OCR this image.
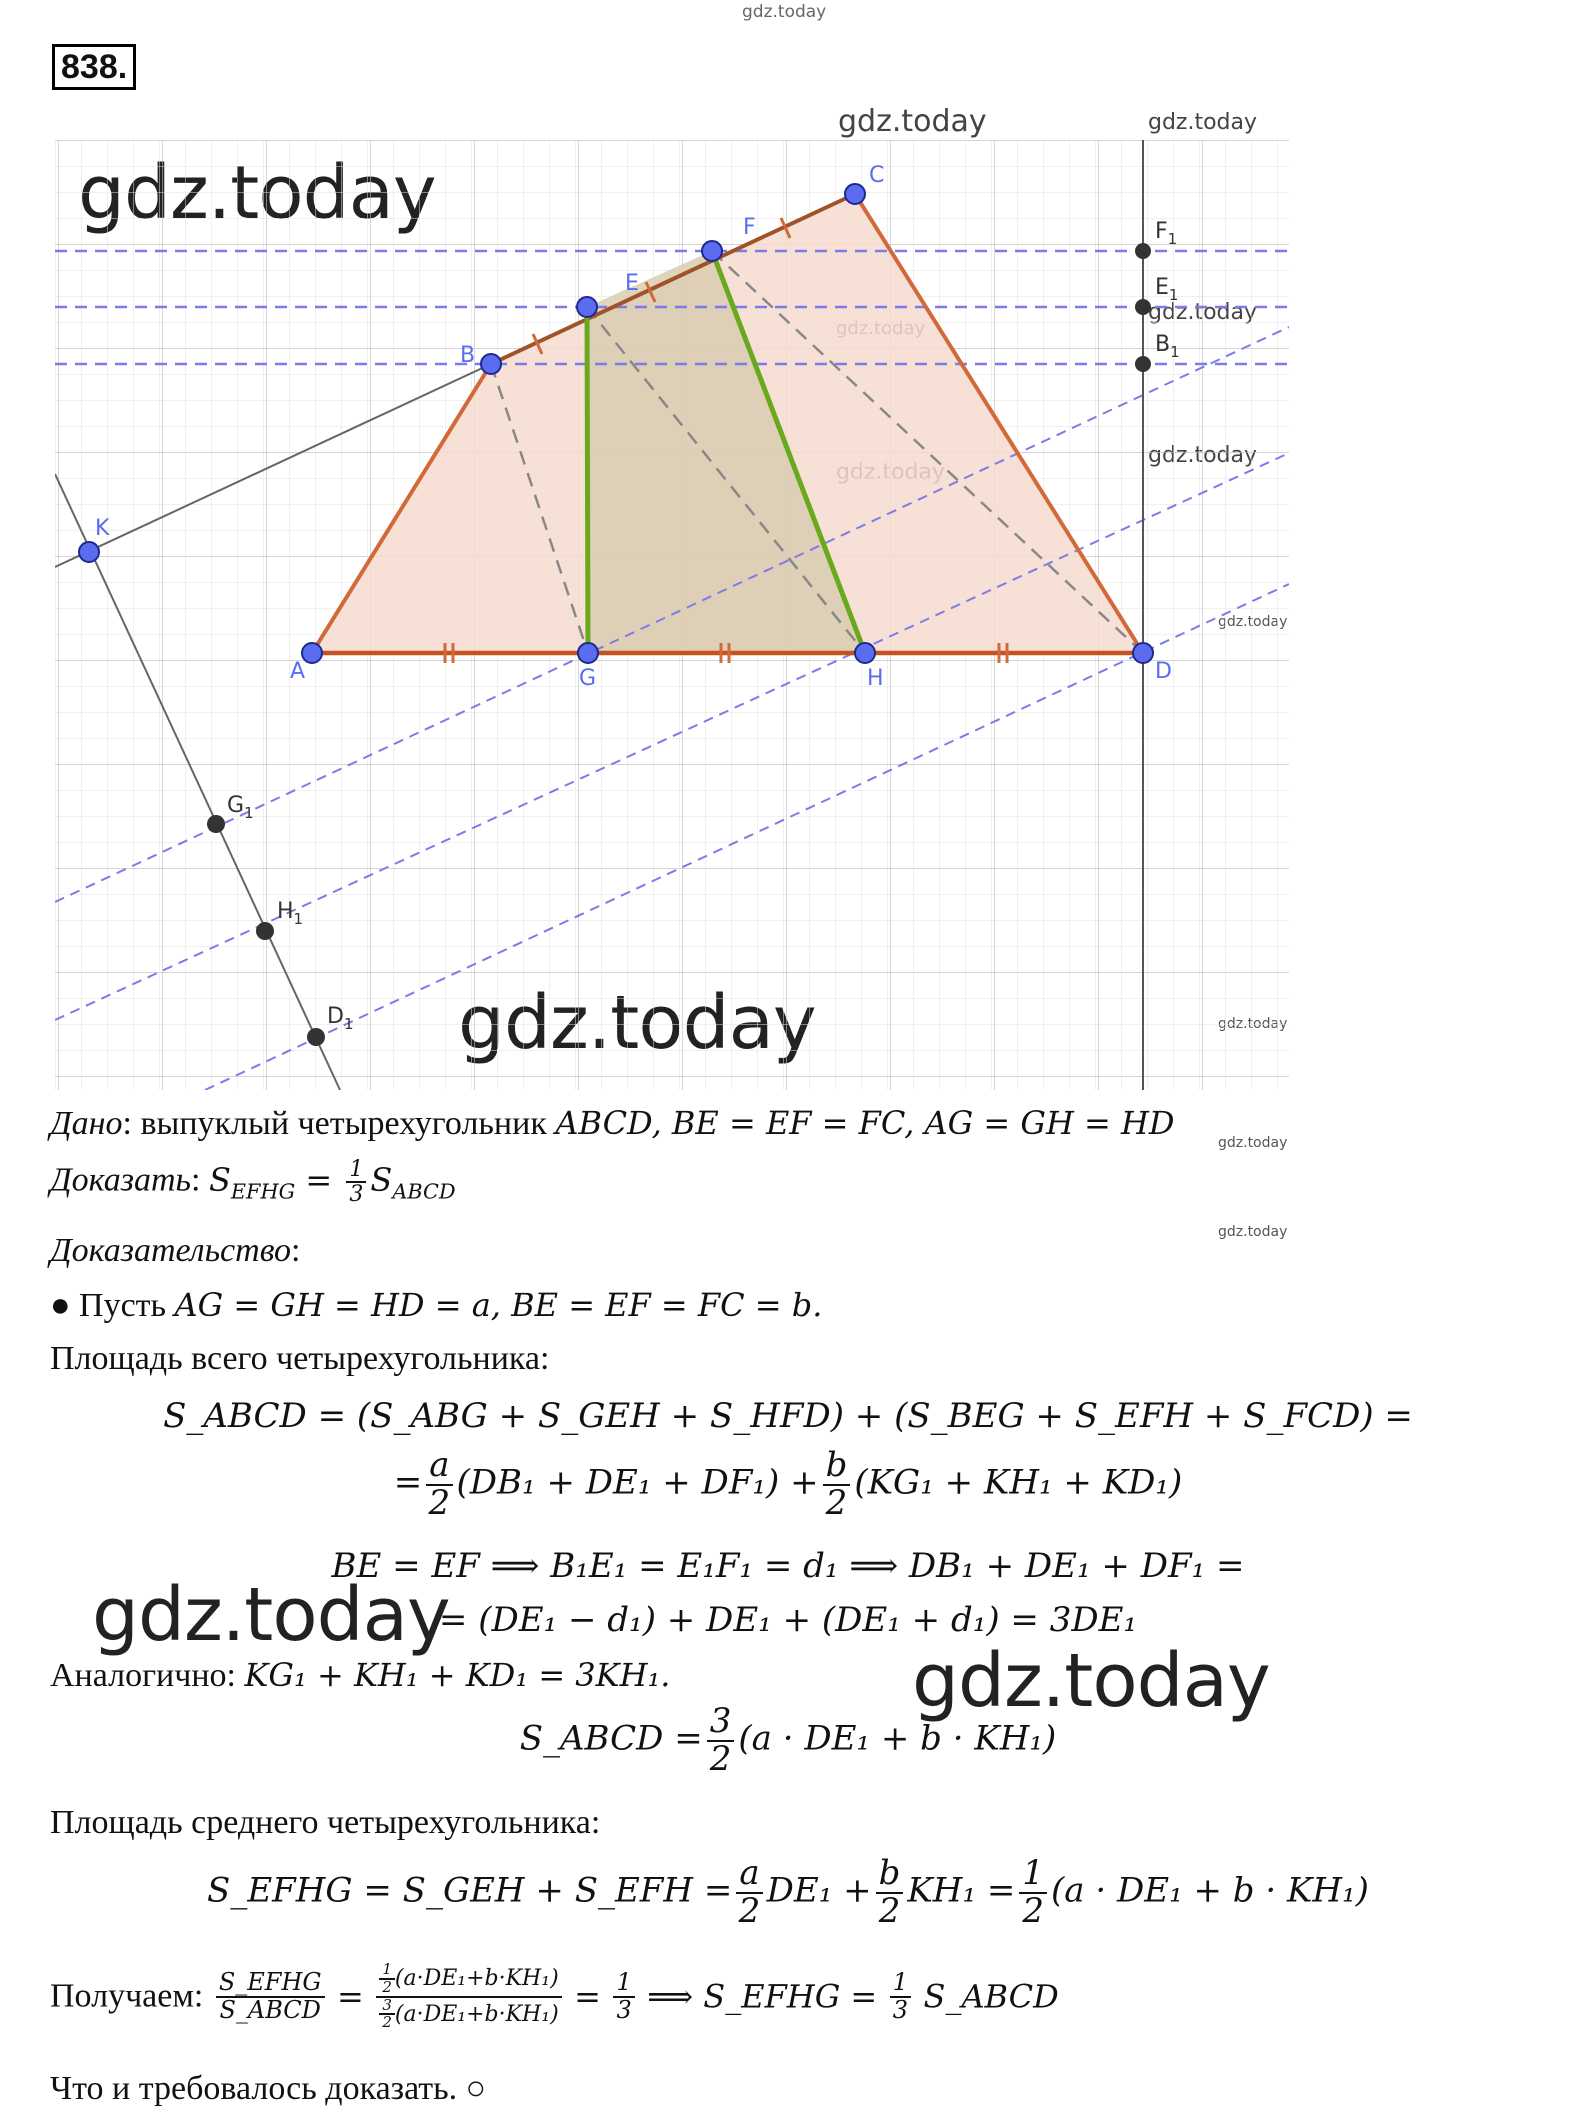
gdz.today
gdz.today	gdz.today
gdz.today
gdz.today
gdz.today
gdz.today
838.
A
B
C
D
E
F
G	H
K
$F_1$
$E_1$
$B_1$
$G_1$
$H_1$
$D_1$
Дано: выпуклый четырехугольник ABCD, BE = EF = FC, AG = GH = HD
Доказать: $S_{EFHG} = \frac{1}{3} S_{ABCD}$
Доказательство:
● Пусть AG = GH = HD = a, BE = EF = FC = b.
Площадь всего четырехугольника:
S_ABCD = (S_ABG + S_GEH + S_HFD) + (S_BEG + S_EFH + S_FCD) =
= $\frac{a}{2} (DB_1 + DE_1 + DF_1) + \frac{b}{2} (KG_1 + KH_1 + KD_1)$
BE = EF ⟹ B₁E₁ = E₁F₁ = d₁ ⟹ DB₁ + DE₁ + DF₁ =
= (DE₁ − d₁) + DE₁ + (DE₁ + d₁) = 3DE₁
Аналогично: KG₁ + KH₁ + KD₁ = 3KH₁.
S_ABCD = $\frac{3}{2} (a \cdot DE_1 + b \cdot KH_1)$
Площадь среднего четырехугольника:
S_EFHG = S_GEH + S_EFH = $\frac{a}{2} DE_1 + \frac{b}{2} KH_1 = \frac{1}{2} (a \cdot DE_1 + b \cdot KH_1)$
Получаем: $\frac{\text{S\_EFHG}}{\text{S\_ABCD}} = \frac{\frac{1}{2} (a\cdot DE_1+b\cdot KH_1)}{\frac{3}{2} (a\cdot DE_1+b\cdot KH_1)} = \frac{1}{3}$ ⟹ S_EFHG = $\frac{1}{3}$ S_ABCD
Что и требовалось доказать. ○
